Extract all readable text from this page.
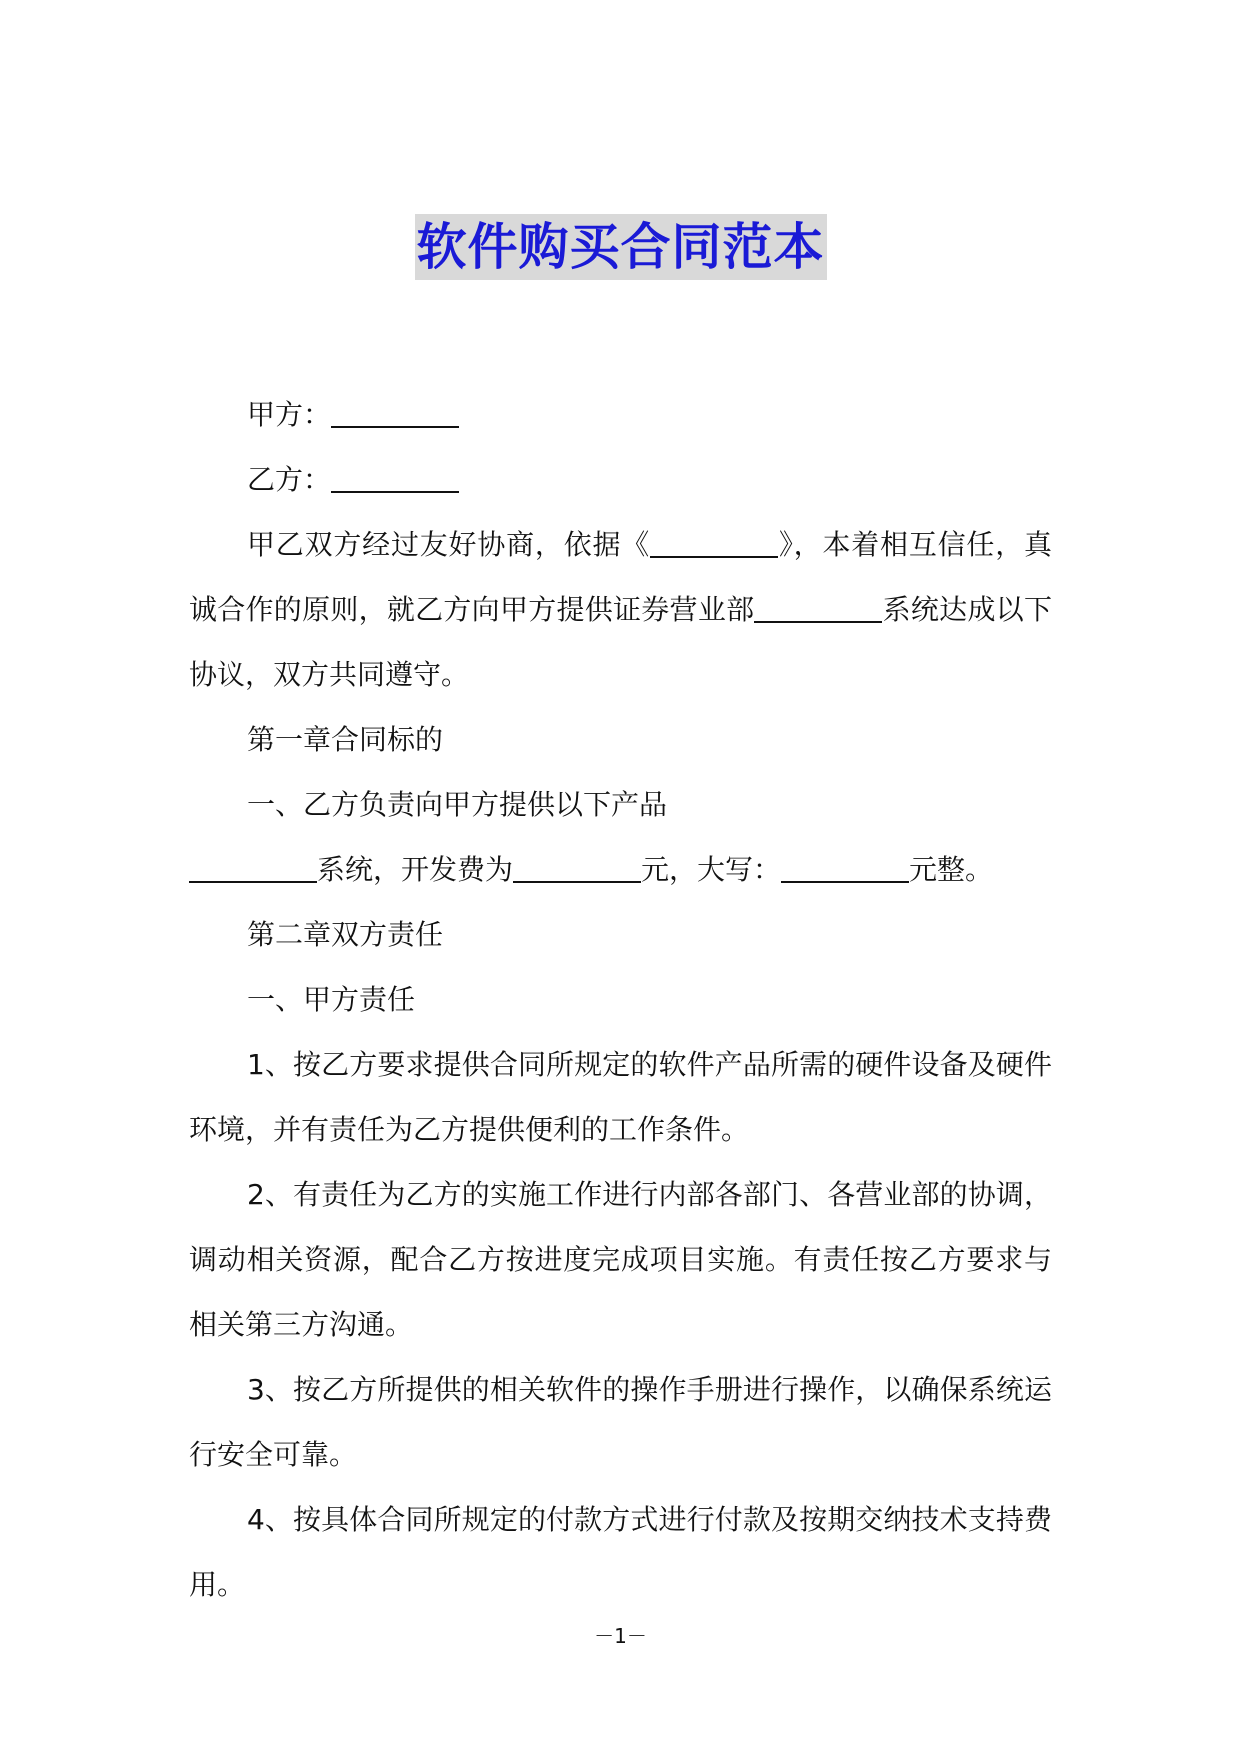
软件购买合同范本

甲方：

乙方：

甲乙双方经过友好协商，依据《	》，本着相互信任，真诚合作的原则，就乙方向甲方提供证券营业部	系统达成以下协议，双方共同遵守。

第一章合同标的

一、乙方负责向甲方提供以下产品

系统，开发费为	元，大写：	元整。

第二章双方责任

一、甲方责任

1、按乙方要求提供合同所规定的软件产品所需的硬件设备及硬件环境，并有责任为乙方提供便利的工作条件。

2、有责任为乙方的实施工作进行内部各部门、各营业部的协调，调动相关资源，配合乙方按进度完成项目实施。有责任按乙方要求与相关第三方沟通。

3、按乙方所提供的相关软件的操作手册进行操作，以确保系统运行安全可靠。

4、按具体合同所规定的付款方式进行付款及按期交纳技术支持费用。

－1－
